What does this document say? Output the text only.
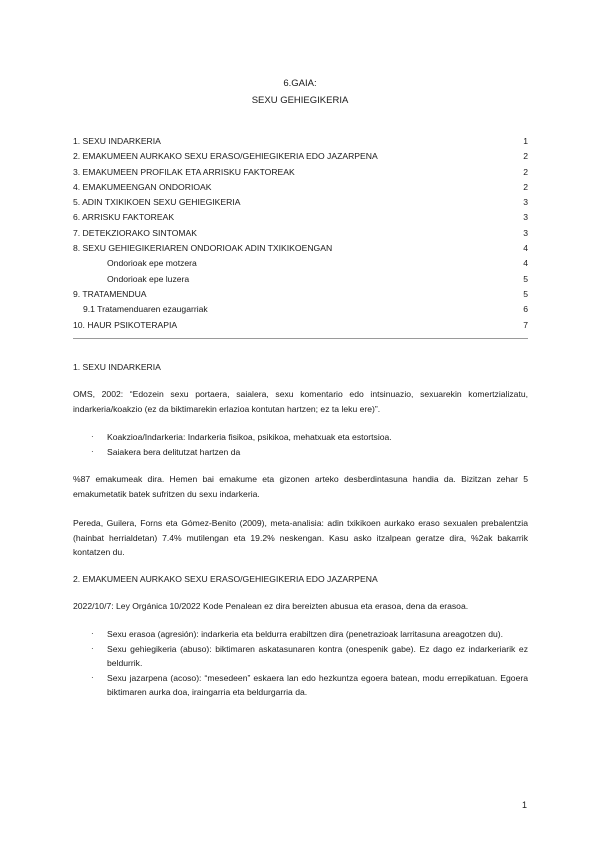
6.GAIA:
SEXU GEHIEGIKERIA
1. SEXU INDARKERIA	1
2. EMAKUMEEN AURKAKO SEXU ERASO/GEHIEGIKERIA EDO JAZARPENA	2
3. EMAKUMEEN PROFILAK ETA ARRISKU FAKTOREAK	2
4. EMAKUMEENGAN ONDORIOAK	2
5. ADIN TXIKIKOEN SEXU GEHIEGIKERIA	3
6. ARRISKU FAKTOREAK	3
7. DETEKZIORAKO SINTOMAK	3
8. SEXU GEHIEGIKERIAREN ONDORIOAK ADIN TXIKIKOENGAN	4
Ondorioak epe motzera	4
Ondorioak epe luzera	5
9. TRATAMENDUA	5
9.1 Tratamenduaren ezaugarriak	6
10. HAUR PSIKOTERAPIA	7
1. SEXU INDARKERIA
OMS, 2002: “Edozein sexu portaera, saialera, sexu komentario edo intsinuazio, sexuarekin komertzializatu, indarkeria/koakzio (ez da biktimarekin erlazioa kontutan hartzen; ez ta leku ere)”.
· Koakzioa/Indarkeria: Indarkeria fisikoa, psikikoa, mehatxuak eta estortsioa.
· Saiakera bera delitutzat hartzen da
%87 emakumeak dira. Hemen bai emakume eta gizonen arteko desberdintasuna handia da. Bizitzan zehar 5 emakumetatik batek sufritzen du sexu indarkeria.
Pereda, Guilera, Forns eta Gómez-Benito (2009), meta-analisia: adin txikikoen aurkako eraso sexualen prebalentzia (hainbat herrialdetan) 7.4% mutilengan eta 19.2% neskengan. Kasu asko itzalpean geratze dira, %2ak bakarrik kontatzen du.
2. EMAKUMEEN AURKAKO SEXU ERASO/GEHIEGIKERIA EDO JAZARPENA
2022/10/7: Ley Orgánica 10/2022 Kode Penalean ez dira bereizten abusua eta erasoa, dena da erasoa.
· Sexu erasoa (agresión): indarkeria eta beldurra erabiltzen dira (penetrazioak larritasuna areagotzen du).
· Sexu gehiegikeria (abuso): biktimaren askatasunaren kontra (onespenik gabe). Ez dago ez indarkeriarik ez beldurrik.
· Sexu jazarpena (acoso): “mesedeen” eskaera lan edo hezkuntza egoera batean, modu errepikatuan. Egoera biktimaren aurka doa, iraingarria eta beldurgarria da.
1
